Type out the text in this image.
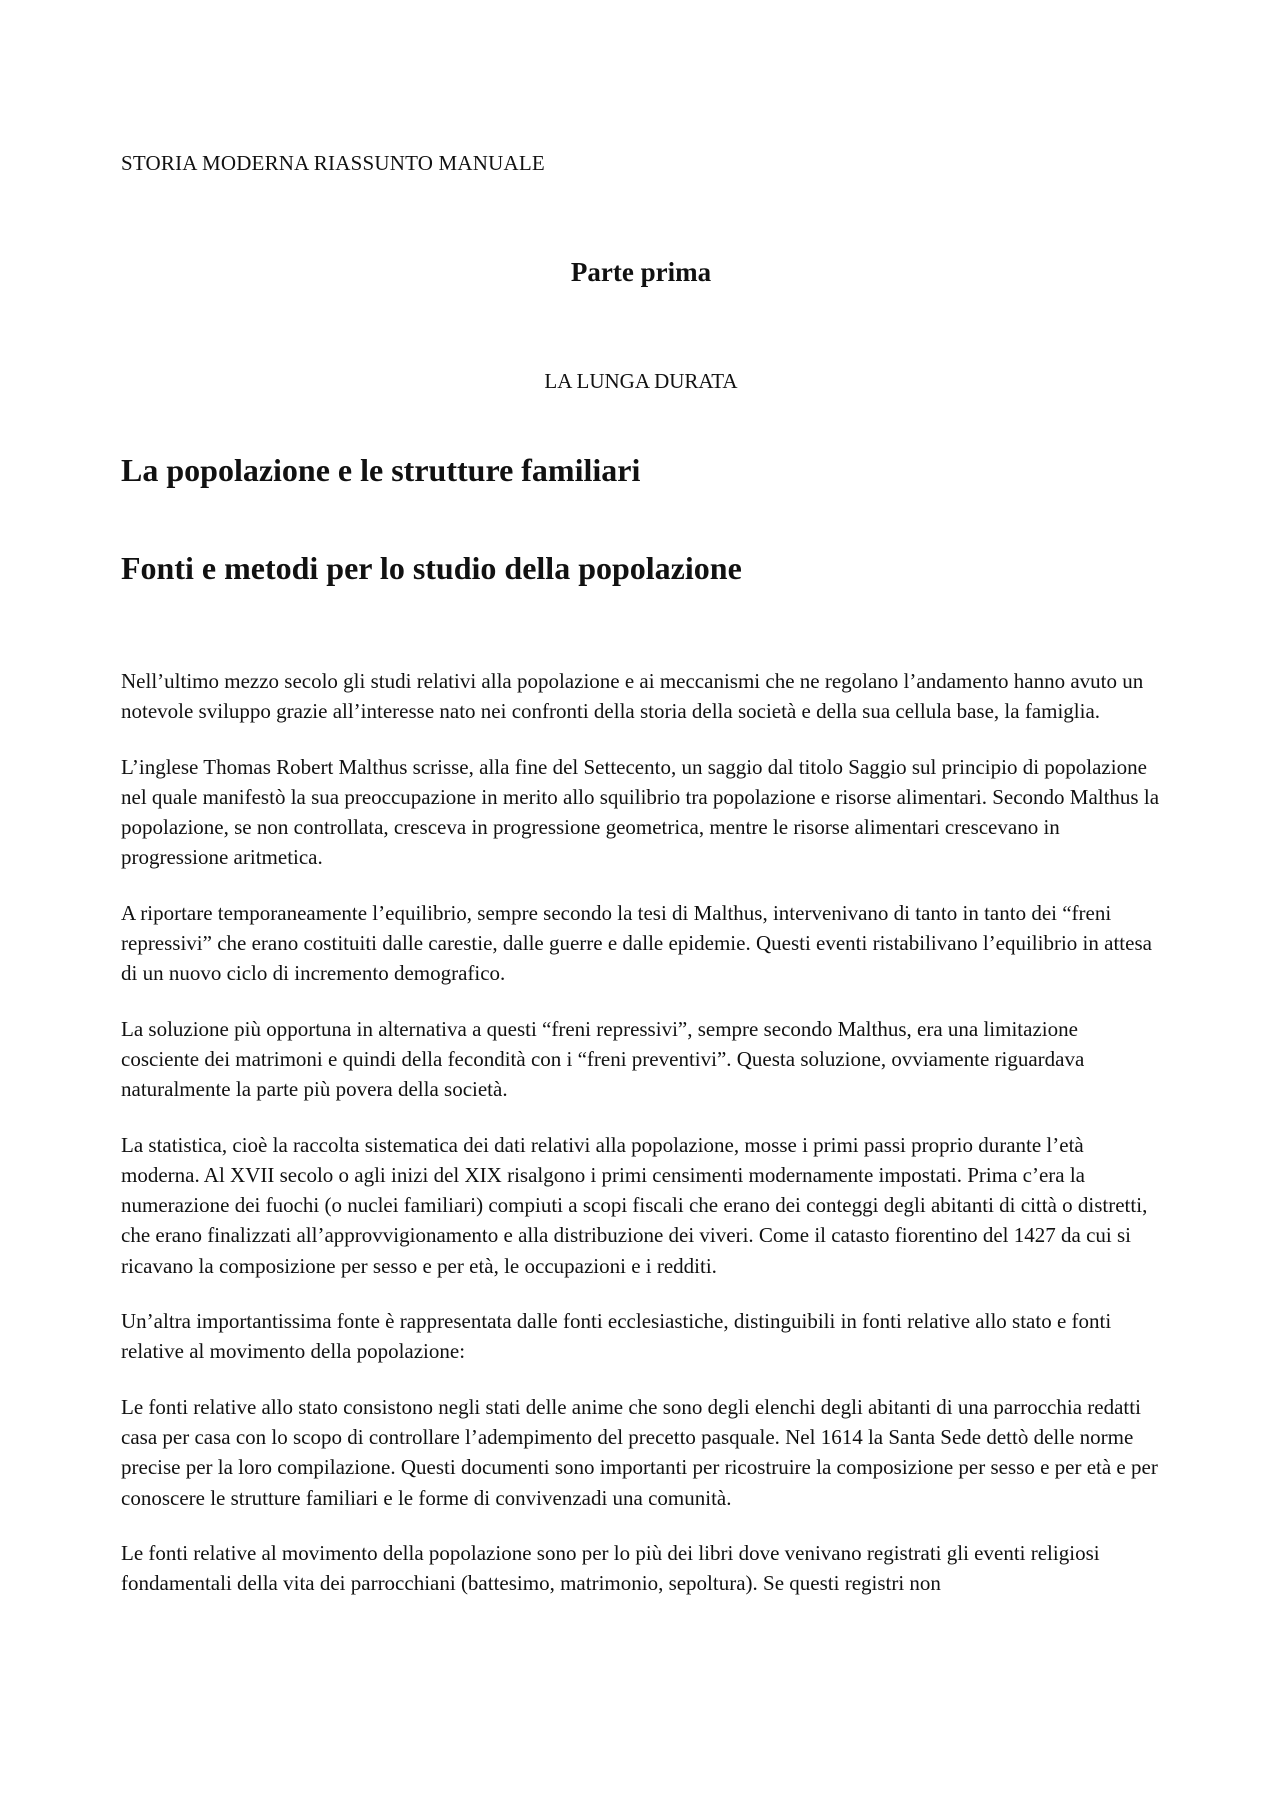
STORIA MODERNA RIASSUNTO MANUALE
Parte prima
LA LUNGA DURATA
La popolazione e le strutture familiari
Fonti e metodi per lo studio della popolazione

Nell’ultimo mezzo secolo gli studi relativi alla popolazione e ai meccanismi che ne regolano l’andamento hanno avuto un notevole sviluppo grazie all’interesse nato nei confronti della storia della società e della sua cellula base, la famiglia.

L’inglese Thomas Robert Malthus scrisse, alla fine del Settecento, un saggio dal titolo Saggio sul principio di popolazione nel quale manifestò la sua preoccupazione in merito allo squilibrio tra popolazione e risorse alimentari. Secondo Malthus la popolazione, se non controllata, cresceva in progressione geometrica, mentre le risorse alimentari crescevano in progressione aritmetica.

A riportare temporaneamente l’equilibrio, sempre secondo la tesi di Malthus, intervenivano di tanto in tanto dei “freni repressivi” che erano costituiti dalle carestie, dalle guerre e dalle epidemie. Questi eventi ristabilivano l’equilibrio in attesa di un nuovo ciclo di incremento demografico.

La soluzione più opportuna in alternativa a questi “freni repressivi”, sempre secondo Malthus, era una limitazione cosciente dei matrimoni e quindi della fecondità con i “freni preventivi”. Questa soluzione, ovviamente riguardava naturalmente la parte più povera della società.

La statistica, cioè la raccolta sistematica dei dati relativi alla popolazione, mosse i primi passi proprio durante l’età moderna. Al XVII secolo o agli inizi del XIX risalgono i primi censimenti modernamente impostati. Prima c’era la numerazione dei fuochi (o nuclei familiari) compiuti a scopi fiscali che erano dei conteggi degli abitanti di città o distretti, che erano finalizzati all’approvvigionamento e alla distribuzione dei viveri. Come il catasto fiorentino del 1427 da cui si ricavano la composizione per sesso e per età, le occupazioni e i redditi.

Un’altra importantissima fonte è rappresentata dalle fonti ecclesiastiche, distinguibili in fonti relative allo stato e fonti relative al movimento della popolazione:

Le fonti relative allo stato consistono negli stati delle anime che sono degli elenchi degli abitanti di una parrocchia redatti casa per casa con lo scopo di controllare l’adempimento del precetto pasquale. Nel 1614 la Santa Sede dettò delle norme precise per la loro compilazione. Questi documenti sono importanti per ricostruire la composizione per sesso e per età e per conoscere le strutture familiari e le forme di convivenzadi una comunità.

Le fonti relative al movimento della popolazione sono per lo più dei libri dove venivano registrati gli eventi religiosi fondamentali della vita dei parrocchiani (battesimo, matrimonio, sepoltura). Se questi registri non
